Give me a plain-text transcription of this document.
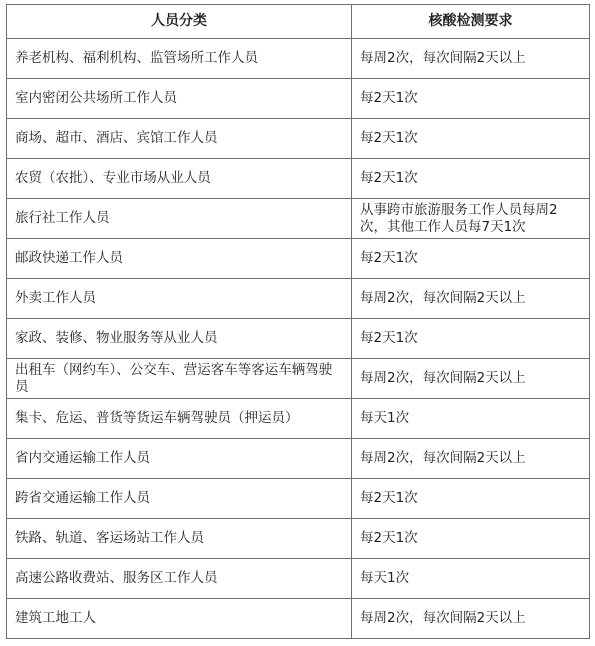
人员分类	核酸检测要求
养老机构、福利机构、监管场所工作人员	每周2次，每次间隔2天以上
室内密闭公共场所工作人员	每2天1次
商场、超市、酒店、宾馆工作人员	每2天1次
农贸（农批）、专业市场从业人员	每2天1次
旅行社工作人员	从事跨市旅游服务工作人员每周2次，其他工作人员每7天1次
邮政快递工作人员	每2天1次
外卖工作人员	每周2次，每次间隔2天以上
家政、装修、物业服务等从业人员	每2天1次
出租车（网约车）、公交车、营运客车等客运车辆驾驶员	每周2次，每次间隔2天以上
集卡、危运、普货等货运车辆驾驶员（押运员）	每天1次
省内交通运输工作人员	每周2次，每次间隔2天以上
跨省交通运输工作人员	每2天1次
铁路、轨道、客运场站工作人员	每2天1次
高速公路收费站、服务区工作人员	每天1次
建筑工地工人	每周2次，每次间隔2天以上
